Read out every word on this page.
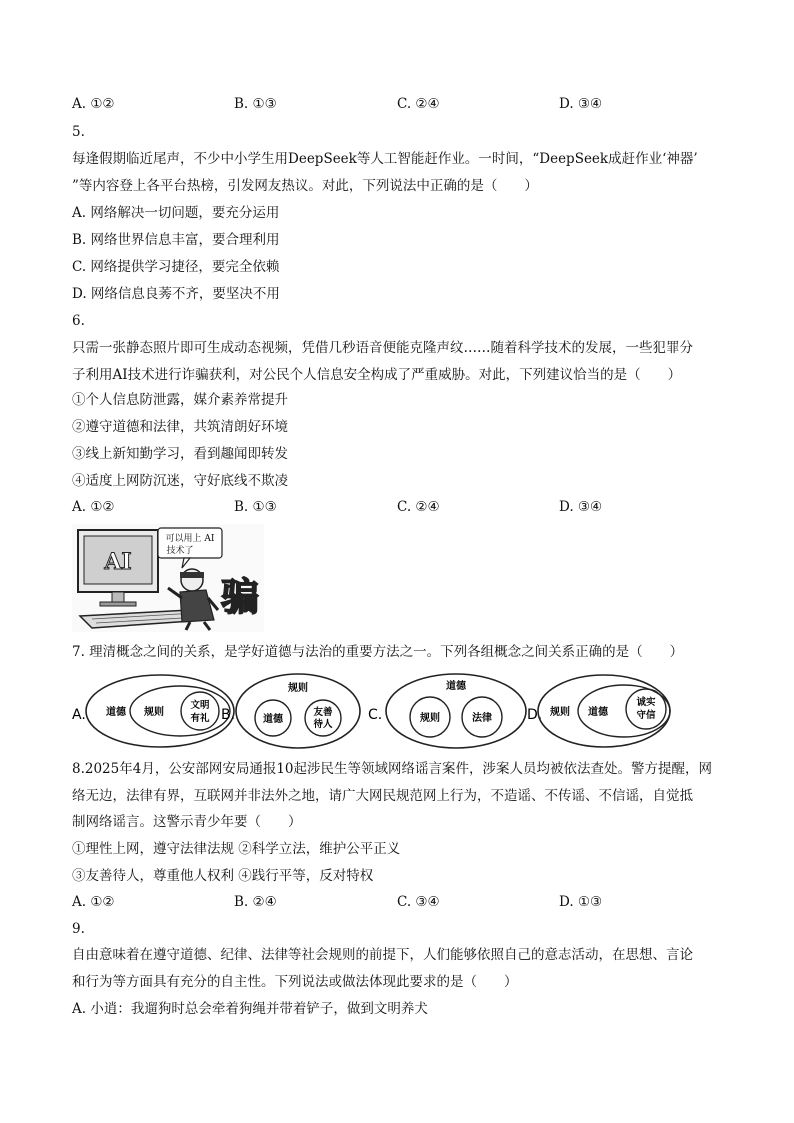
A. ①②	B. ①③	C. ②④	D. ③④
5.
每逢假期临近尾声，不少中小学生用DeepSeek等人工智能赶作业。一时间，“DeepSeek成赶作业‘神器’
”等内容登上各平台热榜，引发网友热议。对此，下列说法中正确的是（　　）
A. 网络解决一切问题，要充分运用
B. 网络世界信息丰富，要合理利用
C. 网络提供学习捷径，要完全依赖
D. 网络信息良莠不齐，要坚决不用
6.
只需一张静态照片即可生成动态视频，凭借几秒语音便能克隆声纹……随着科学技术的发展，一些犯罪分
子利用AI技术进行诈骗获利，对公民个人信息安全构成了严重威胁。对此，下列建议恰当的是（　　）
①个人信息防泄露，媒介素养常提升
②遵守道德和法律，共筑清朗好环境
③线上新知勤学习，看到趣闻即转发
④适度上网防沉迷，守好底线不欺凌
A. ①②	B. ①③	C. ②④	D. ③④
AI
可以用上 AI
技术了
骗
7. 理清概念之间的关系，是学好道德与法治的重要方法之一。下列各组概念之间关系正确的是（　　）
A. 道德 规则
文明
有礼 B.
规则
道德
友善
待人
C.
道德
规则	法律	D. 规则 道德
诚实
守信
8.2025年4月，公安部网安局通报10起涉民生等领域网络谣言案件，涉案人员均被依法查处。警方提醒，网
络无边，法律有界，互联网并非法外之地，请广大网民规范网上行为，不造谣、不传谣、不信谣，自觉抵
制网络谣言。这警示青少年要（　　）
①理性上网，遵守法律法规 ②科学立法，维护公平正义
③友善待人，尊重他人权利 ④践行平等，反对特权
A. ①②	B. ②④	C. ③④	D. ①③
9.
自由意味着在遵守道德、纪律、法律等社会规则的前提下，人们能够依照自己的意志活动，在思想、言论
和行为等方面具有充分的自主性。下列说法或做法体现此要求的是（　　）
A. 小逍：我遛狗时总会牵着狗绳并带着铲子，做到文明养犬
